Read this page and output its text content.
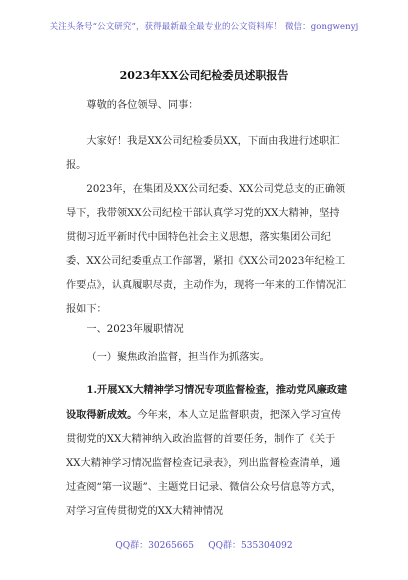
关注头条号“公文研究”，获得最新最全最专业的公文资料库！ 微信：gongwenyj
2023年XX公司纪检委员述职报告

尊敬的各位领导、同事：

大家好！我是XX公司纪检委员XX，下面由我进行述职汇报。

2023年，在集团及XX公司纪委、XX公司党总支的正确领导下，我带领XX公司纪检干部认真学习党的XX大精神，坚持贯彻习近平新时代中国特色社会主义思想，落实集团公司纪委、XX公司纪委重点工作部署，紧扣《XX公司2023年纪检工作要点》，认真履职尽责，主动作为，现将一年来的工作情况汇报如下：

一、2023年履职情况

（一）聚焦政治监督，担当作为抓落实。

1.开展XX大精神学习情况专项监督检查，推动党风廉政建设取得新成效。今年来，本人立足监督职责，把深入学习宣传贯彻党的XX大精神纳入政治监督的首要任务，制作了《关于XX大精神学习情况监督检查记录表》，列出监督检查清单，通过查阅“第一议题”、主题党日记录、微信公众号信息等方式，对学习宣传贯彻党的XX大精神情况

QQ群：30265665 QQ群：535304092
